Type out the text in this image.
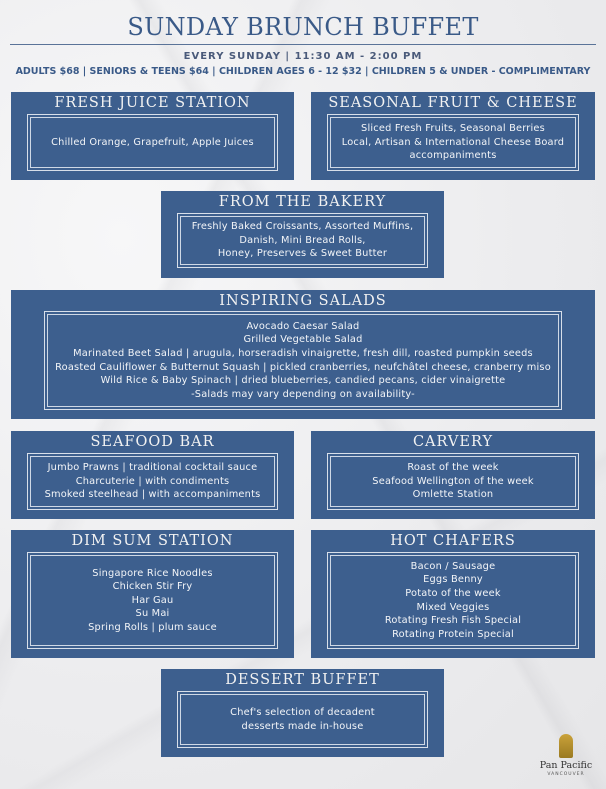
SUNDAY BRUNCH BUFFET
EVERY SUNDAY | 11:30 AM - 2:00 PM
ADULTS $68 | SENIORS & TEENS $64 | CHILDREN AGES 6 - 12 $32 | CHILDREN 5 & UNDER - COMPLIMENTARY
FRESH JUICE STATION

Chilled Orange, Grapefruit, Apple Juices

SEASONAL FRUIT & CHEESE

Sliced Fresh Fruits, Seasonal Berries

Local, Artisan & International Cheese Board

accompaniments

FROM THE BAKERY

Freshly Baked Croissants, Assorted Muffins,

Danish, Mini Bread Rolls,

Honey, Preserves & Sweet Butter

INSPIRING SALADS

Avocado Caesar Salad

Grilled Vegetable Salad

Marinated Beet Salad | arugula, horseradish vinaigrette, fresh dill, roasted pumpkin seeds

Roasted Cauliflower & Butternut Squash | pickled cranberries, neufchâtel cheese, cranberry miso

Wild Rice & Baby Spinach | dried blueberries, candied pecans, cider vinaigrette

-Salads may vary depending on availability-

SEAFOOD BAR

Jumbo Prawns | traditional cocktail sauce

Charcuterie | with condiments

Smoked steelhead | with accompaniments

CARVERY

Roast of the week

Seafood Wellington of the week

Omlette Station

DIM SUM STATION

Singapore Rice Noodles

Chicken Stir Fry

Har Gau

Su Mai

Spring Rolls | plum sauce

HOT CHAFERS

Bacon / Sausage

Eggs Benny

Potato of the week

Mixed Veggies

Rotating Fresh Fish Special

Rotating Protein Special

DESSERT BUFFET

Chef's selection of decadent

desserts made in-house

Pan Pacific
VANCOUVER
